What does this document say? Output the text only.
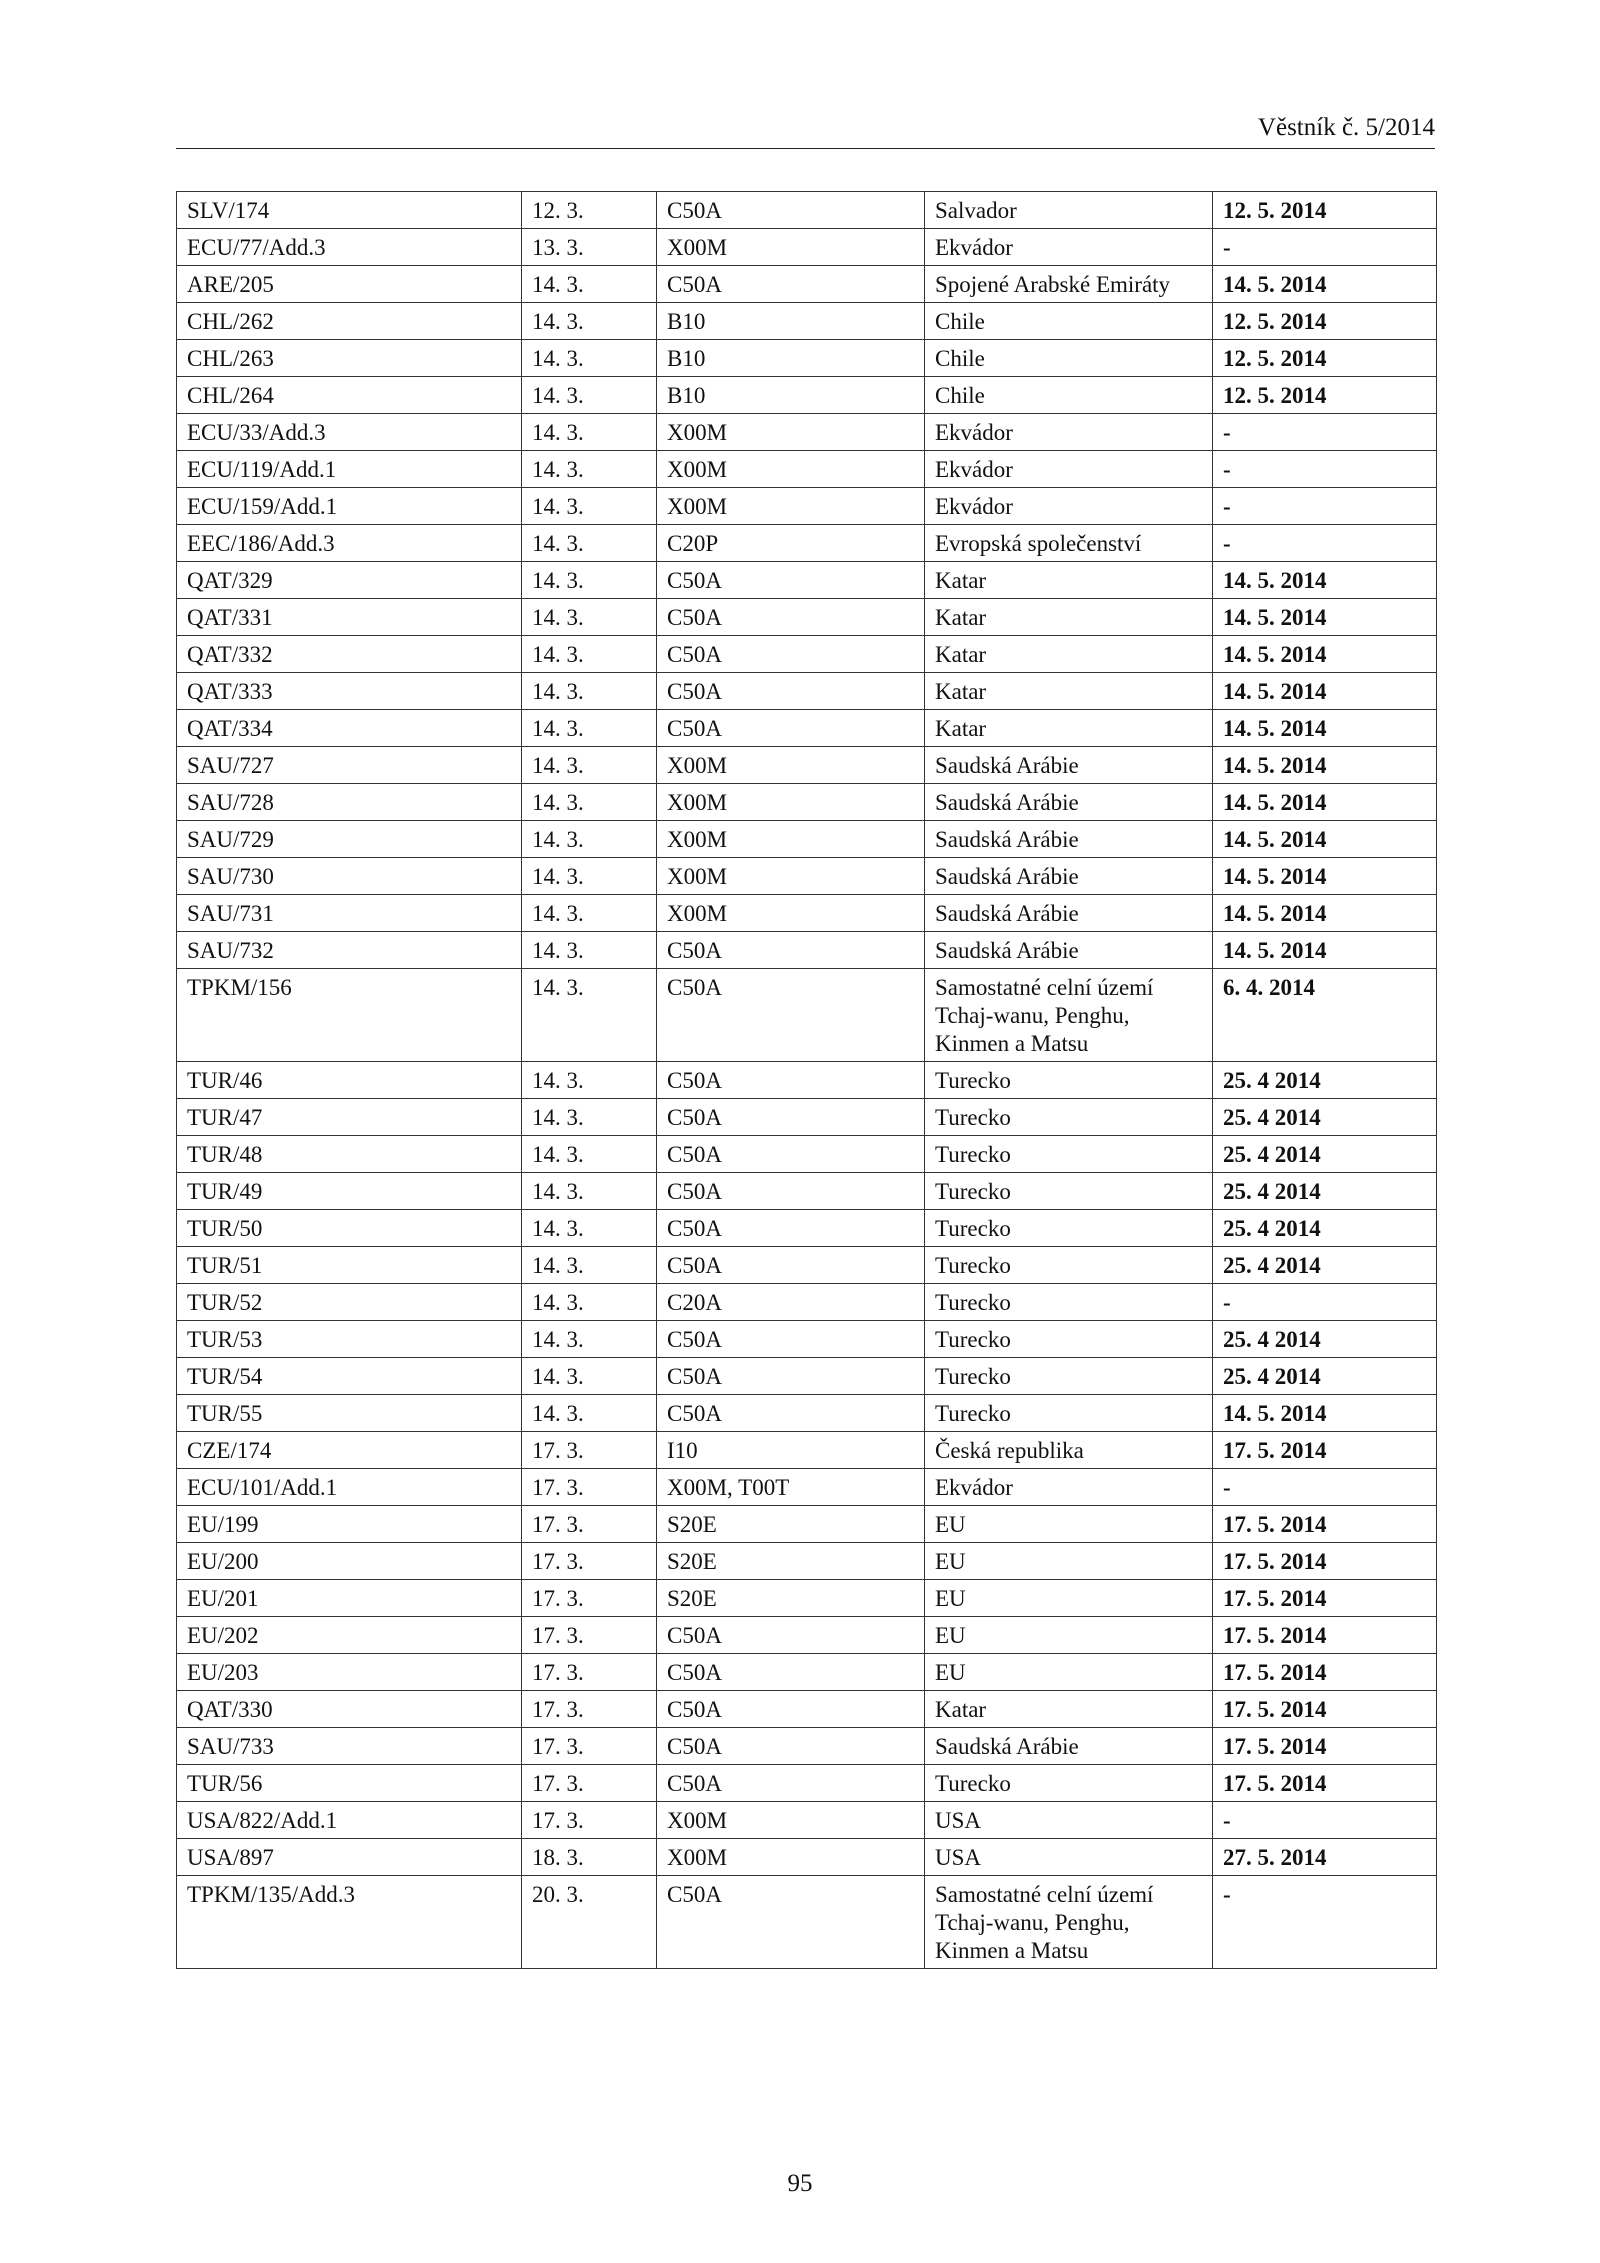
Věstník č. 5/2014
SLV/174	12. 3.	C50A	Salvador	12. 5. 2014
ECU/77/Add.3	13. 3.	X00M	Ekvádor	-
ARE/205	14. 3.	C50A	Spojené Arabské Emiráty	14. 5. 2014
CHL/262	14. 3.	B10	Chile	12. 5. 2014
CHL/263	14. 3.	B10	Chile	12. 5. 2014
CHL/264	14. 3.	B10	Chile	12. 5. 2014
ECU/33/Add.3	14. 3.	X00M	Ekvádor	-
ECU/119/Add.1	14. 3.	X00M	Ekvádor	-
ECU/159/Add.1	14. 3.	X00M	Ekvádor	-
EEC/186/Add.3	14. 3.	C20P	Evropská společenství	-
QAT/329	14. 3.	C50A	Katar	14. 5. 2014
QAT/331	14. 3.	C50A	Katar	14. 5. 2014
QAT/332	14. 3.	C50A	Katar	14. 5. 2014
QAT/333	14. 3.	C50A	Katar	14. 5. 2014
QAT/334	14. 3.	C50A	Katar	14. 5. 2014
SAU/727	14. 3.	X00M	Saudská Arábie	14. 5. 2014
SAU/728	14. 3.	X00M	Saudská Arábie	14. 5. 2014
SAU/729	14. 3.	X00M	Saudská Arábie	14. 5. 2014
SAU/730	14. 3.	X00M	Saudská Arábie	14. 5. 2014
SAU/731	14. 3.	X00M	Saudská Arábie	14. 5. 2014
SAU/732	14. 3.	C50A	Saudská Arábie	14. 5. 2014
TPKM/156	14. 3.	C50A	Samostatné celní území
Tchaj-wanu, Penghu,
Kinmen a Matsu	6. 4. 2014
TUR/46	14. 3.	C50A	Turecko	25. 4 2014
TUR/47	14. 3.	C50A	Turecko	25. 4 2014
TUR/48	14. 3.	C50A	Turecko	25. 4 2014
TUR/49	14. 3.	C50A	Turecko	25. 4 2014
TUR/50	14. 3.	C50A	Turecko	25. 4 2014
TUR/51	14. 3.	C50A	Turecko	25. 4 2014
TUR/52	14. 3.	C20A	Turecko	-
TUR/53	14. 3.	C50A	Turecko	25. 4 2014
TUR/54	14. 3.	C50A	Turecko	25. 4 2014
TUR/55	14. 3.	C50A	Turecko	14. 5. 2014
CZE/174	17. 3.	I10	Česká republika	17. 5. 2014
ECU/101/Add.1	17. 3.	X00M, T00T	Ekvádor	-
EU/199	17. 3.	S20E	EU	17. 5. 2014
EU/200	17. 3.	S20E	EU	17. 5. 2014
EU/201	17. 3.	S20E	EU	17. 5. 2014
EU/202	17. 3.	C50A	EU	17. 5. 2014
EU/203	17. 3.	C50A	EU	17. 5. 2014
QAT/330	17. 3.	C50A	Katar	17. 5. 2014
SAU/733	17. 3.	C50A	Saudská Arábie	17. 5. 2014
TUR/56	17. 3.	C50A	Turecko	17. 5. 2014
USA/822/Add.1	17. 3.	X00M	USA	-
USA/897	18. 3.	X00M	USA	27. 5. 2014
TPKM/135/Add.3	20. 3.	C50A	Samostatné celní území
Tchaj-wanu, Penghu,
Kinmen a Matsu	-
95
